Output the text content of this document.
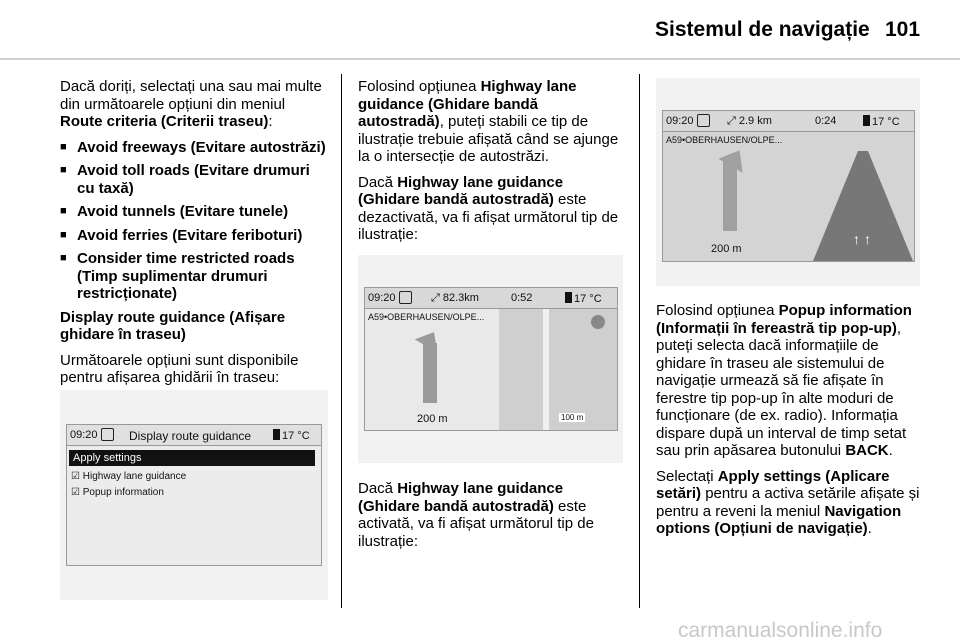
Sistemul de navigație 101

Dacă doriți, selectați una sau mai multe din următoarele opțiuni din meniul Route criteria (Criterii traseu):

■ Avoid freeways (Evitare autostrăzi)
■ Avoid toll roads (Evitare drumuri cu taxă)
■ Avoid tunnels (Evitare tunele)
■ Avoid ferries (Evitare feriboturi)
■ Consider time restricted roads (Timp suplimentar drumuri restricționate)

Display route guidance (Afișare ghidare în traseu)

Următoarele opțiuni sunt disponibile pentru afișarea ghidării în traseu:

09:20	Display route guidance	17 °C
Apply settings
☑ Highway lane guidance
☑ Popup information

Folosind opțiunea Highway lane guidance (Ghidare bandă autostradă), puteți stabili ce tip de ilustrație trebuie afișată când se ajunge la o intersecție de autostrăzi.

Dacă Highway lane guidance (Ghidare bandă autostradă) este dezactivată, va fi afișat următorul tip de ilustrație:

09:20	⤢ 82.3km	0:52	17 °C
A59•OBERHAUSEN/OLPE...
200 m	100 m

Dacă Highway lane guidance (Ghidare bandă autostradă) este activată, va fi afișat următorul tip de ilustrație:

09:20	⤢ 2.9 km	0:24	17 °C
A59•OBERHAUSEN/OLPE...
↑ ↑
200 m

Folosind opțiunea Popup information (Informații în fereastră tip pop-up), puteți selecta dacă informațiile de ghidare în traseu ale sistemului de navigație urmează să fie afișate în ferestre tip pop-up în alte moduri de funcționare (de ex. radio). Informația dispare după un interval de timp setat sau prin apăsarea butonului BACK.

Selectați Apply settings (Aplicare setări) pentru a activa setările afișate și pentru a reveni la meniul Navigation options (Opțiuni de navigație).

carmanualsonline.info
